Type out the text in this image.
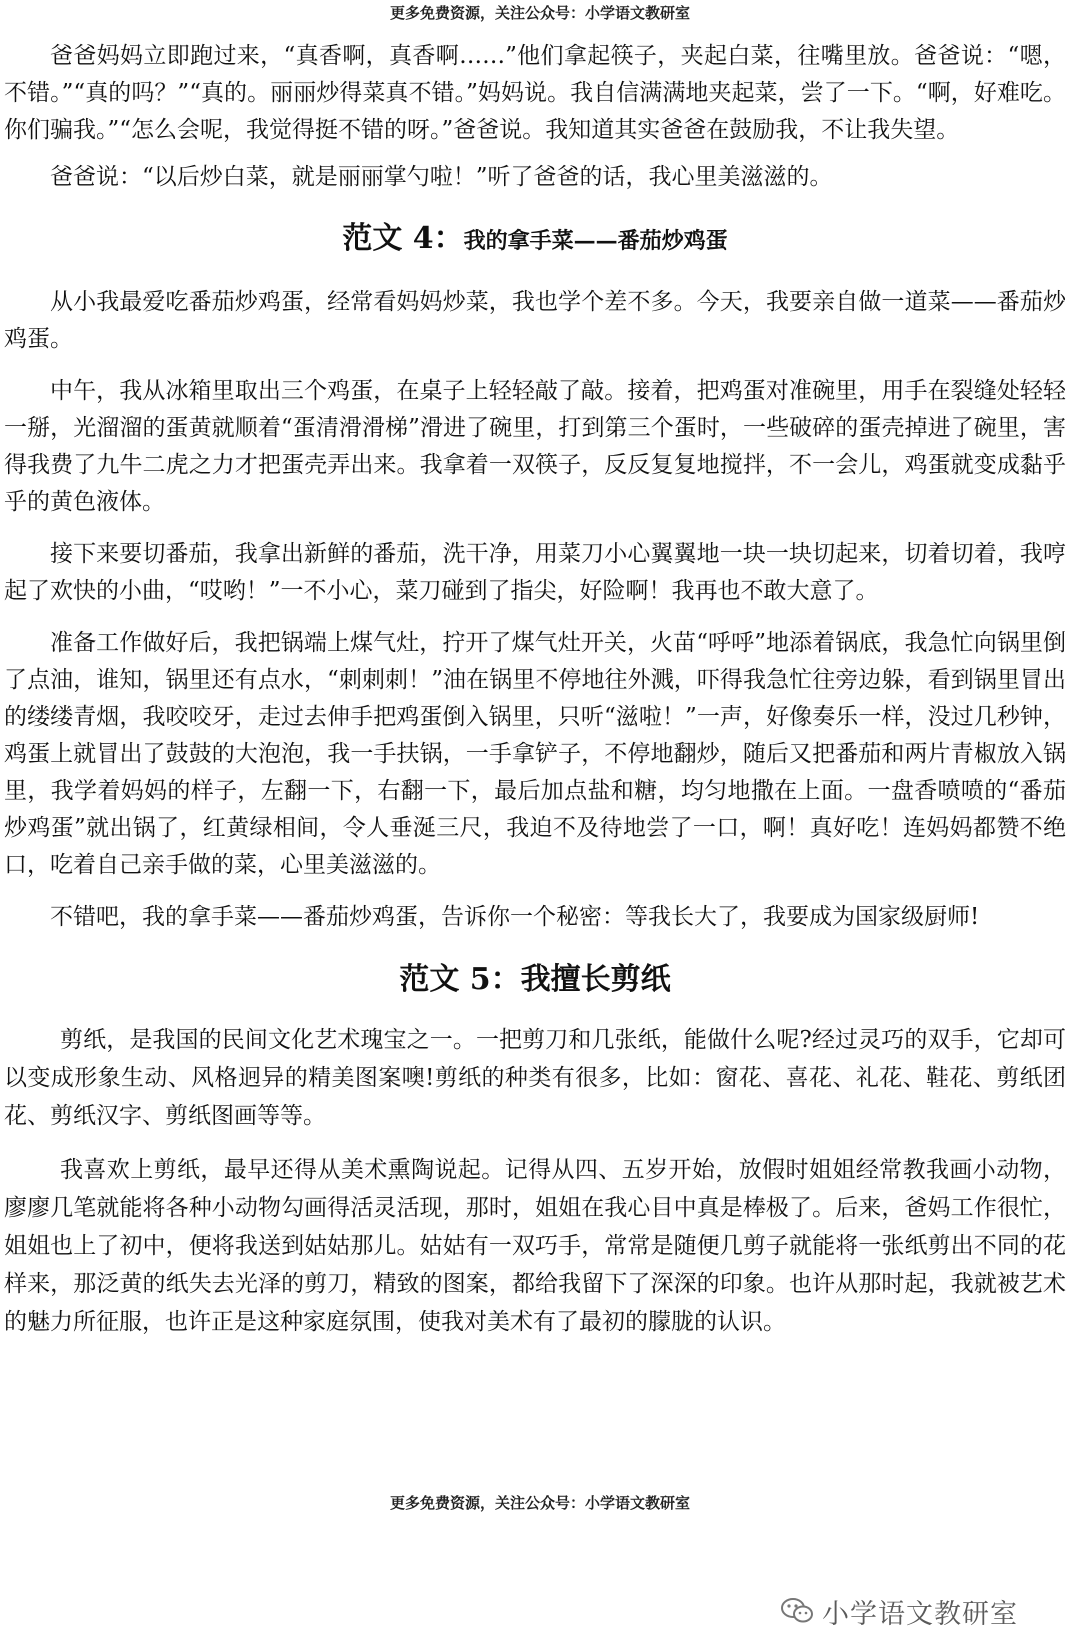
更多免费资源，关注公众号：小学语文教研室

爸爸妈妈立即跑过来，“真香啊，真香啊……”他们拿起筷子，夹起白菜，往嘴里放。爸爸说：“嗯，不错。”“真的吗？”“真的。丽丽炒得菜真不错。”妈妈说。我自信满满地夹起菜，尝了一下。“啊，好难吃。你们骗我。”“怎么会呢，我觉得挺不错的呀。”爸爸说。我知道其实爸爸在鼓励我，不让我失望。

爸爸说：“以后炒白菜，就是丽丽掌勺啦！”听了爸爸的话，我心里美滋滋的。

范文 4：我的拿手菜——番茄炒鸡蛋

从小我最爱吃番茄炒鸡蛋，经常看妈妈炒菜，我也学个差不多。今天，我要亲自做一道菜——番茄炒鸡蛋。

中午，我从冰箱里取出三个鸡蛋，在桌子上轻轻敲了敲。接着，把鸡蛋对准碗里，用手在裂缝处轻轻一掰，光溜溜的蛋黄就顺着“蛋清滑滑梯”滑进了碗里，打到第三个蛋时，一些破碎的蛋壳掉进了碗里，害得我费了九牛二虎之力才把蛋壳弄出来。我拿着一双筷子，反反复复地搅拌，不一会儿，鸡蛋就变成黏乎乎的黄色液体。

接下来要切番茄，我拿出新鲜的番茄，洗干净，用菜刀小心翼翼地一块一块切起来，切着切着，我哼起了欢快的小曲，“哎哟！”一不小心，菜刀碰到了指尖，好险啊！我再也不敢大意了。

准备工作做好后，我把锅端上煤气灶，拧开了煤气灶开关，火苗“呼呼”地添着锅底，我急忙向锅里倒了点油，谁知，锅里还有点水，“刺刺刺！”油在锅里不停地往外溅，吓得我急忙往旁边躲，看到锅里冒出的缕缕青烟，我咬咬牙，走过去伸手把鸡蛋倒入锅里，只听“滋啦！”一声，好像奏乐一样，没过几秒钟，鸡蛋上就冒出了鼓鼓的大泡泡，我一手扶锅，一手拿铲子，不停地翻炒，随后又把番茄和两片青椒放入锅里，我学着妈妈的样子，左翻一下，右翻一下，最后加点盐和糖，均匀地撒在上面。一盘香喷喷的“番茄炒鸡蛋”就出锅了，红黄绿相间，令人垂涎三尺，我迫不及待地尝了一口，啊！真好吃！连妈妈都赞不绝口，吃着自己亲手做的菜，心里美滋滋的。

不错吧，我的拿手菜——番茄炒鸡蛋，告诉你一个秘密：等我长大了，我要成为国家级厨师!

范文 5：我擅长剪纸

剪纸，是我国的民间文化艺术瑰宝之一。一把剪刀和几张纸，能做什么呢?经过灵巧的双手，它却可以变成形象生动、风格迥异的精美图案噢!剪纸的种类有很多，比如：窗花、喜花、礼花、鞋花、剪纸团花、剪纸汉字、剪纸图画等等。

我喜欢上剪纸，最早还得从美术熏陶说起。记得从四、五岁开始，放假时姐姐经常教我画小动物，廖廖几笔就能将各种小动物勾画得活灵活现，那时，姐姐在我心目中真是棒极了。后来，爸妈工作很忙，姐姐也上了初中，便将我送到姑姑那儿。姑姑有一双巧手，常常是随便几剪子就能将一张纸剪出不同的花样来，那泛黄的纸失去光泽的剪刀，精致的图案，都给我留下了深深的印象。也许从那时起，我就被艺术的魅力所征服，也许正是这种家庭氛围，使我对美术有了最初的朦胧的认识。

更多免费资源，关注公众号：小学语文教研室
小学语文教研室
